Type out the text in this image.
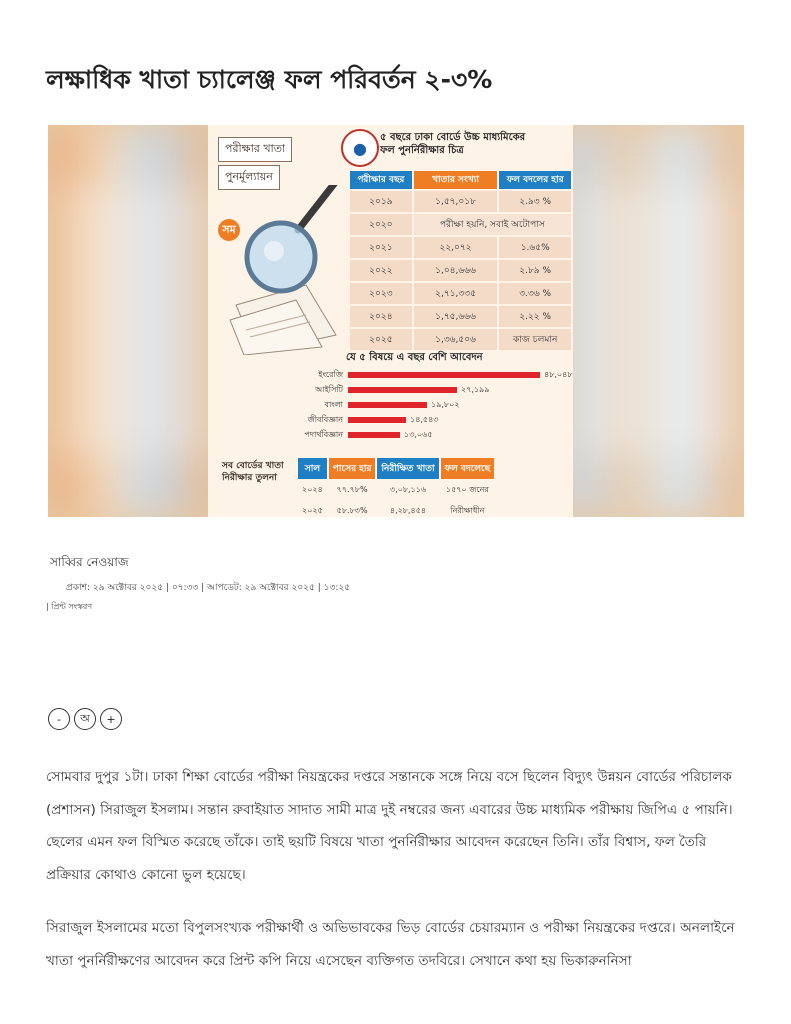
লক্ষাধিক খাতা চ্যালেঞ্জ ফল পরিবর্তন ২-৩%
পরীক্ষার খাতা
পুনর্মূল্যায়ন
সম
●
৫ বছরে ঢাকা বোর্ডে উচ্চ মাধ্যমিকের
ফল পুনর্নিরীক্ষার চিত্র
পরীক্ষার বছর	খাতার সংখ্যা	ফল বদলের হার
২০১৯	১,৫৭,০১৮	২.৯৩ %
২০২০	পরীক্ষা হয়নি, সবাই অটোপাস	
২০২১	২২,০৭২	১.৬৫%
২০২২	১,০৪,৬৬৬	২.৮৯ %
২০২৩	২,৭১,৩৩৫	৩.৩৬ %
২০২৪	১,৭৫,৬৬৬	২.২২ %
২০২৫	১,৩৬,৫০৬	কাজ চলমান
যে ৫ বিষয়ে এ বছর বেশি আবেদন
ইংরেজি	৪৮,০৪৮
আইসিটি	২৭,১৯৯
বাংলা	১৯,৮০২
জীববিজ্ঞান	১৪,৫৪৩
পদার্থবিজ্ঞান	১৩,০৬৫
সব বোর্ডের খাতা নিরীক্ষার তুলনা
সাল	পাসের হার	নিরীক্ষিত খাতা	ফল বদলেছে
২০২৪	৭৭.৭৮%	৩,০৮,১১৬	১৫৭০ জনের
২০২৫	৫৮.৮৩%	৪,২৮,৪৫৪	নিরীক্ষাধীন
সাব্বির নেওয়াজ
প্রকাশ: ২৯ অক্টোবর ২০২৫ | ০৭:৩৩ | আপডেট: ২৯ অক্টোবর ২০২৫ | ১৩:২৫
| প্রিন্ট সংস্করণ
-	অ	+

সোমবার দুপুর ১টা। ঢাকা শিক্ষা বোর্ডের পরীক্ষা নিয়ন্ত্রকের দপ্তরে সন্তানকে সঙ্গে নিয়ে বসে ছিলেন বিদ্যুৎ উন্নয়ন বোর্ডের পরিচালক (প্রশাসন) সিরাজুল ইসলাম। সন্তান রুবাইয়াত সাদাত সামী মাত্র দুই নম্বরের জন্য এবারের উচ্চ মাধ্যমিক পরীক্ষায় জিপিএ ৫ পায়নি। ছেলের এমন ফল বিস্মিত করেছে তাঁকে। তাই ছয়টি বিষয়ে খাতা পুনর্নিরীক্ষার আবেদন করেছেন তিনি। তাঁর বিশ্বাস, ফল তৈরি প্রক্রিয়ার কোথাও কোনো ভুল হয়েছে।

সিরাজুল ইসলামের মতো বিপুলসংখ্যক পরীক্ষার্থী ও অভিভাবকের ভিড় বোর্ডের চেয়ারম্যান ও পরীক্ষা নিয়ন্ত্রকের দপ্তরে। অনলাইনে খাতা পুনর্নিরীক্ষণের আবেদন করে প্রিন্ট কপি নিয়ে এসেছেন ব্যক্তিগত তদবিরে। সেখানে কথা হয় ভিকারুননিসা
